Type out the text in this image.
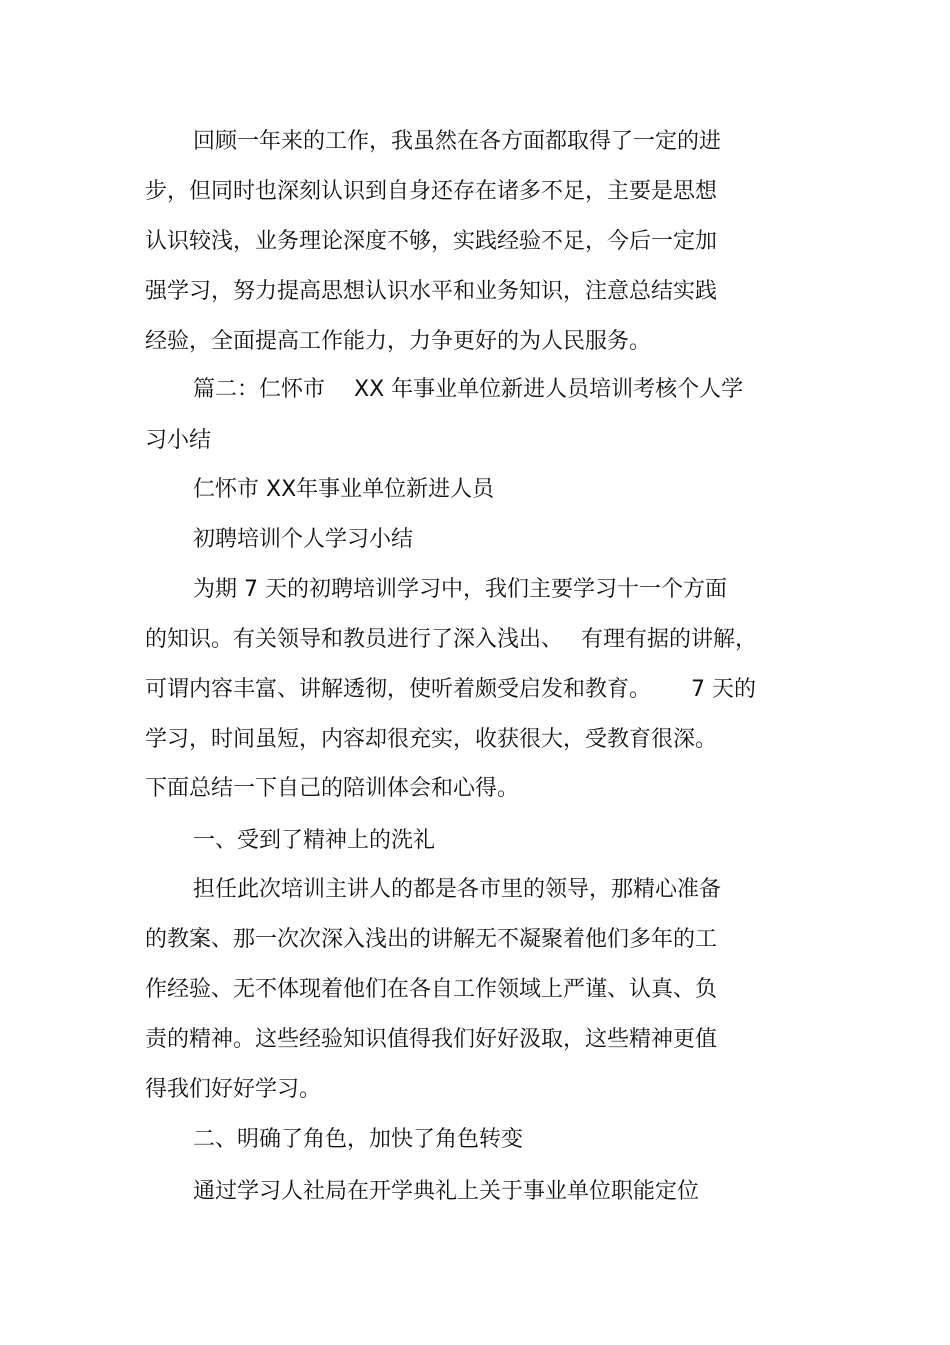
回顾一年来的工作，我虽然在各方面都取得了一定的进
步，但同时也深刻认识到自身还存在诸多不足，主要是思想
认识较浅，业务理论深度不够，实践经验不足，今后一定加
强学习，努力提高思想认识水平和业务知识，注意总结实践
经验，全面提高工作能力，力争更好的为人民服务。
篇二：仁怀市　 XX 年事业单位新进人员培训考核个人学
习小结
仁怀市 XX年事业单位新进人员
初聘培训个人学习小结
为期 7 天的初聘培训学习中，我们主要学习十一个方面
的知识。有关领导和教员进行了深入浅出、　 有理有据的讲解，
可谓内容丰富、讲解透彻，使听着颇受启发和教育。　　 7 天的
学习，时间虽短，内容却很充实，收获很大，受教育很深。
下面总结一下自己的陪训体会和心得。
一、受到了精神上的洗礼
担任此次培训主讲人的都是各市里的领导，那精心准备
的教案、那一次次深入浅出的讲解无不凝聚着他们多年的工
作经验、无不体现着他们在各自工作领域上严谨、认真、负
责的精神。这些经验知识值得我们好好汲取，这些精神更值
得我们好好学习。
二、明确了角色，加快了角色转变
通过学习人社局在开学典礼上关于事业单位职能定位
